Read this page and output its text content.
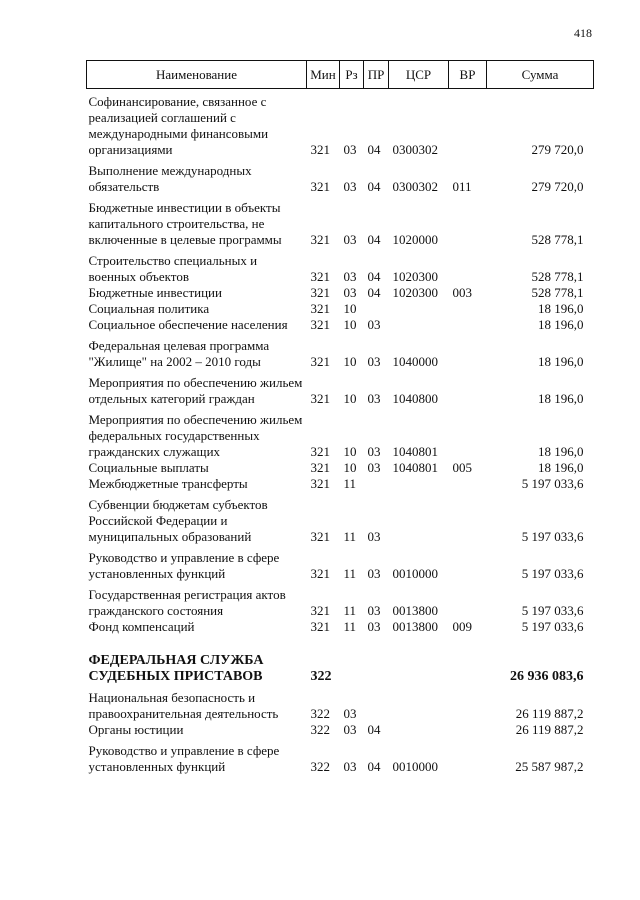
418
Наименование	Мин	Рз	ПР	ЦСР	ВР	Сумма
Софинансирование, связанное с реализацией соглашений с международными финансовыми организациями	321	03	04	0300302		279 720,0
Выполнение международных обязательств	321	03	04	0300302	011	279 720,0
Бюджетные инвестиции в объекты капитального строительства, не включенные в целевые программы	321	03	04	1020000		528 778,1
Строительство специальных и военных объектов	321	03	04	1020300		528 778,1
Бюджетные инвестиции	321	03	04	1020300	003	528 778,1
Социальная политика	321	10				18 196,0
Социальное обеспечение населения	321	10	03			18 196,0
Федеральная целевая программа "Жилище" на 2002 – 2010 годы	321	10	03	1040000		18 196,0
Мероприятия по обеспечению жильем отдельных категорий граждан	321	10	03	1040800		18 196,0
Мероприятия по обеспечению жильем федеральных государственных гражданских служащих	321	10	03	1040801		18 196,0
Социальные выплаты	321	10	03	1040801	005	18 196,0
Межбюджетные трансферты	321	11				5 197 033,6
Субвенции бюджетам субъектов Российской Федерации и муниципальных образований	321	11	03			5 197 033,6
Руководство и управление в сфере установленных функций	321	11	03	0010000		5 197 033,6
Государственная регистрация актов гражданского состояния	321	11	03	0013800		5 197 033,6
Фонд компенсаций	321	11	03	0013800	009	5 197 033,6
ФЕДЕРАЛЬНАЯ СЛУЖБА СУДЕБНЫХ ПРИСТАВОВ	322					26 936 083,6
Национальная безопасность и правоохранительная деятельность	322	03				26 119 887,2
Органы юстиции	322	03	04			26 119 887,2
Руководство и управление в сфере установленных функций	322	03	04	0010000		25 587 987,2
